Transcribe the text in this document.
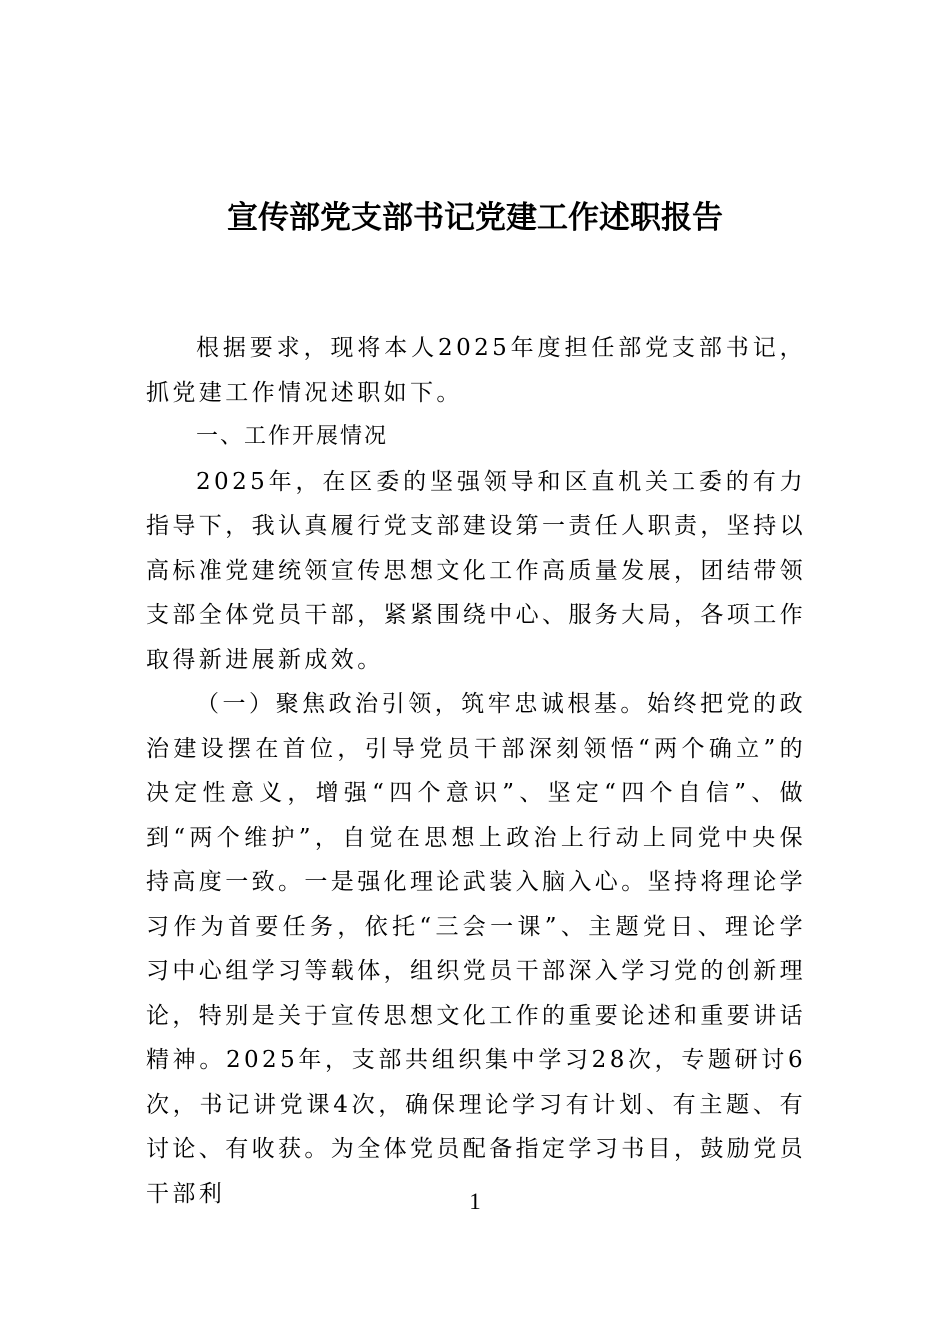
宣传部党支部书记党建工作述职报告

根据要求，现将本人2025年度担任部党支部书记，抓党建工作情况述职如下。

一、工作开展情况

2025年，在区委的坚强领导和区直机关工委的有力指导下，我认真履行党支部建设第一责任人职责，坚持以高标准党建统领宣传思想文化工作高质量发展，团结带领支部全体党员干部，紧紧围绕中心、服务大局，各项工作取得新进展新成效。

（一）聚焦政治引领，筑牢忠诚根基。始终把党的政治建设摆在首位，引导党员干部深刻领悟“两个确立”的决定性意义，增强“四个意识”、坚定“四个自信”、做到“两个维护”，自觉在思想上政治上行动上同党中央保持高度一致。一是强化理论武装入脑入心。坚持将理论学习作为首要任务，依托“三会一课”、主题党日、理论学习中心组学习等载体，组织党员干部深入学习党的创新理论，特别是关于宣传思想文化工作的重要论述和重要讲话精神。2025年，支部共组织集中学习28次，专题研讨6次，书记讲党课4次，确保理论学习有计划、有主题、有讨论、有收获。为全体党员配备指定学习书目，鼓励党员干部利	1
